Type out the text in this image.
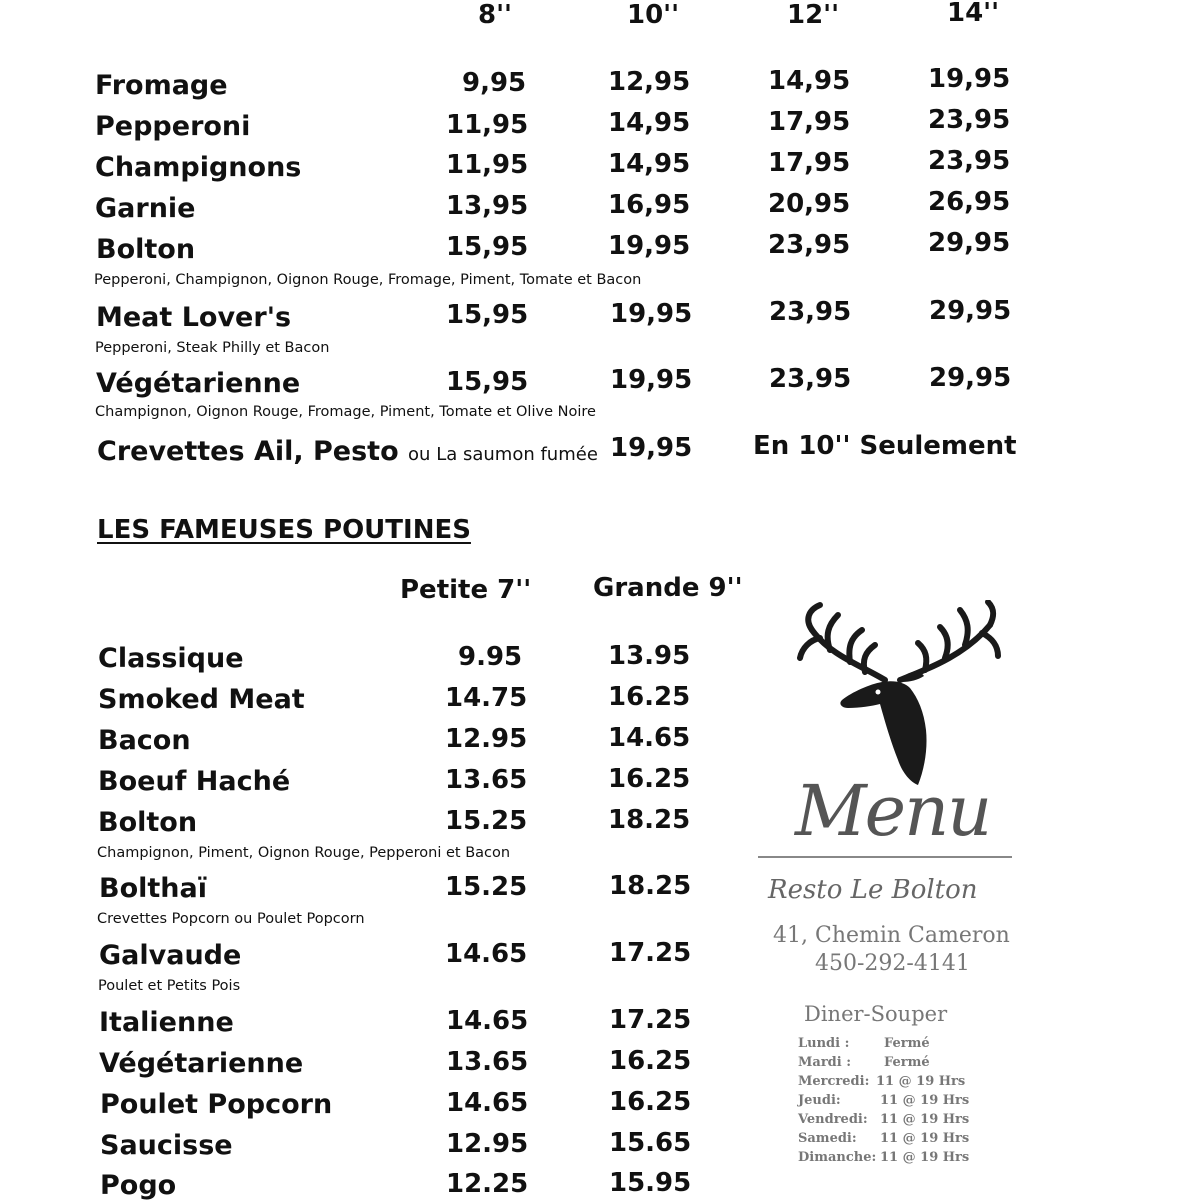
8''	10''	12''	14''
Fromage	9,95	12,95	14,95	19,95
Pepperoni	11,95	14,95	17,95	23,95
Champignons	11,95	14,95	17,95	23,95
Garnie	13,95	16,95	20,95	26,95
Bolton	15,95	19,95	23,95	29,95
Pepperoni, Champignon, Oignon Rouge, Fromage, Piment, Tomate et Bacon
Meat Lover's	15,95	19,95	23,95	29,95
Pepperoni, Steak Philly et Bacon
Végétarienne	15,95	19,95	23,95	29,95
Champignon, Oignon Rouge, Fromage, Piment, Tomate et Olive Noire
Crevettes Ail, Pesto ou La saumon fumée 19,95 En 10'' Seulement
LES FAMEUSES POUTINES
Petite 7'' Grande 9''
Classique	9.95	13.95
Smoked Meat	14.75	16.25
Bacon	12.95	14.65
Boeuf Haché	13.65	16.25
Bolton	15.25	18.25
Champignon, Piment, Oignon Rouge, Pepperoni et Bacon
Bolthaï	15.25	18.25
Crevettes Popcorn ou Poulet Popcorn
Galvaude	14.65	17.25
Poulet et Petits Pois
Italienne	14.65	17.25
Végétarienne	13.65	16.25
Poulet Popcorn	14.65	16.25
Saucisse	12.95	15.65
Pogo	12.25	15.95
Menu
Resto Le Bolton
41, Chemin Cameron
450-292-4141
Diner-Souper
Lundi :	Fermé
Mardi :	Fermé
Mercredi: 11 @ 19 Hrs
Jeudi:	11 @ 19 Hrs
Vendredi: 11 @ 19 Hrs
Samedi: 11 @ 19 Hrs
Dimanche: 11 @ 19 Hrs
